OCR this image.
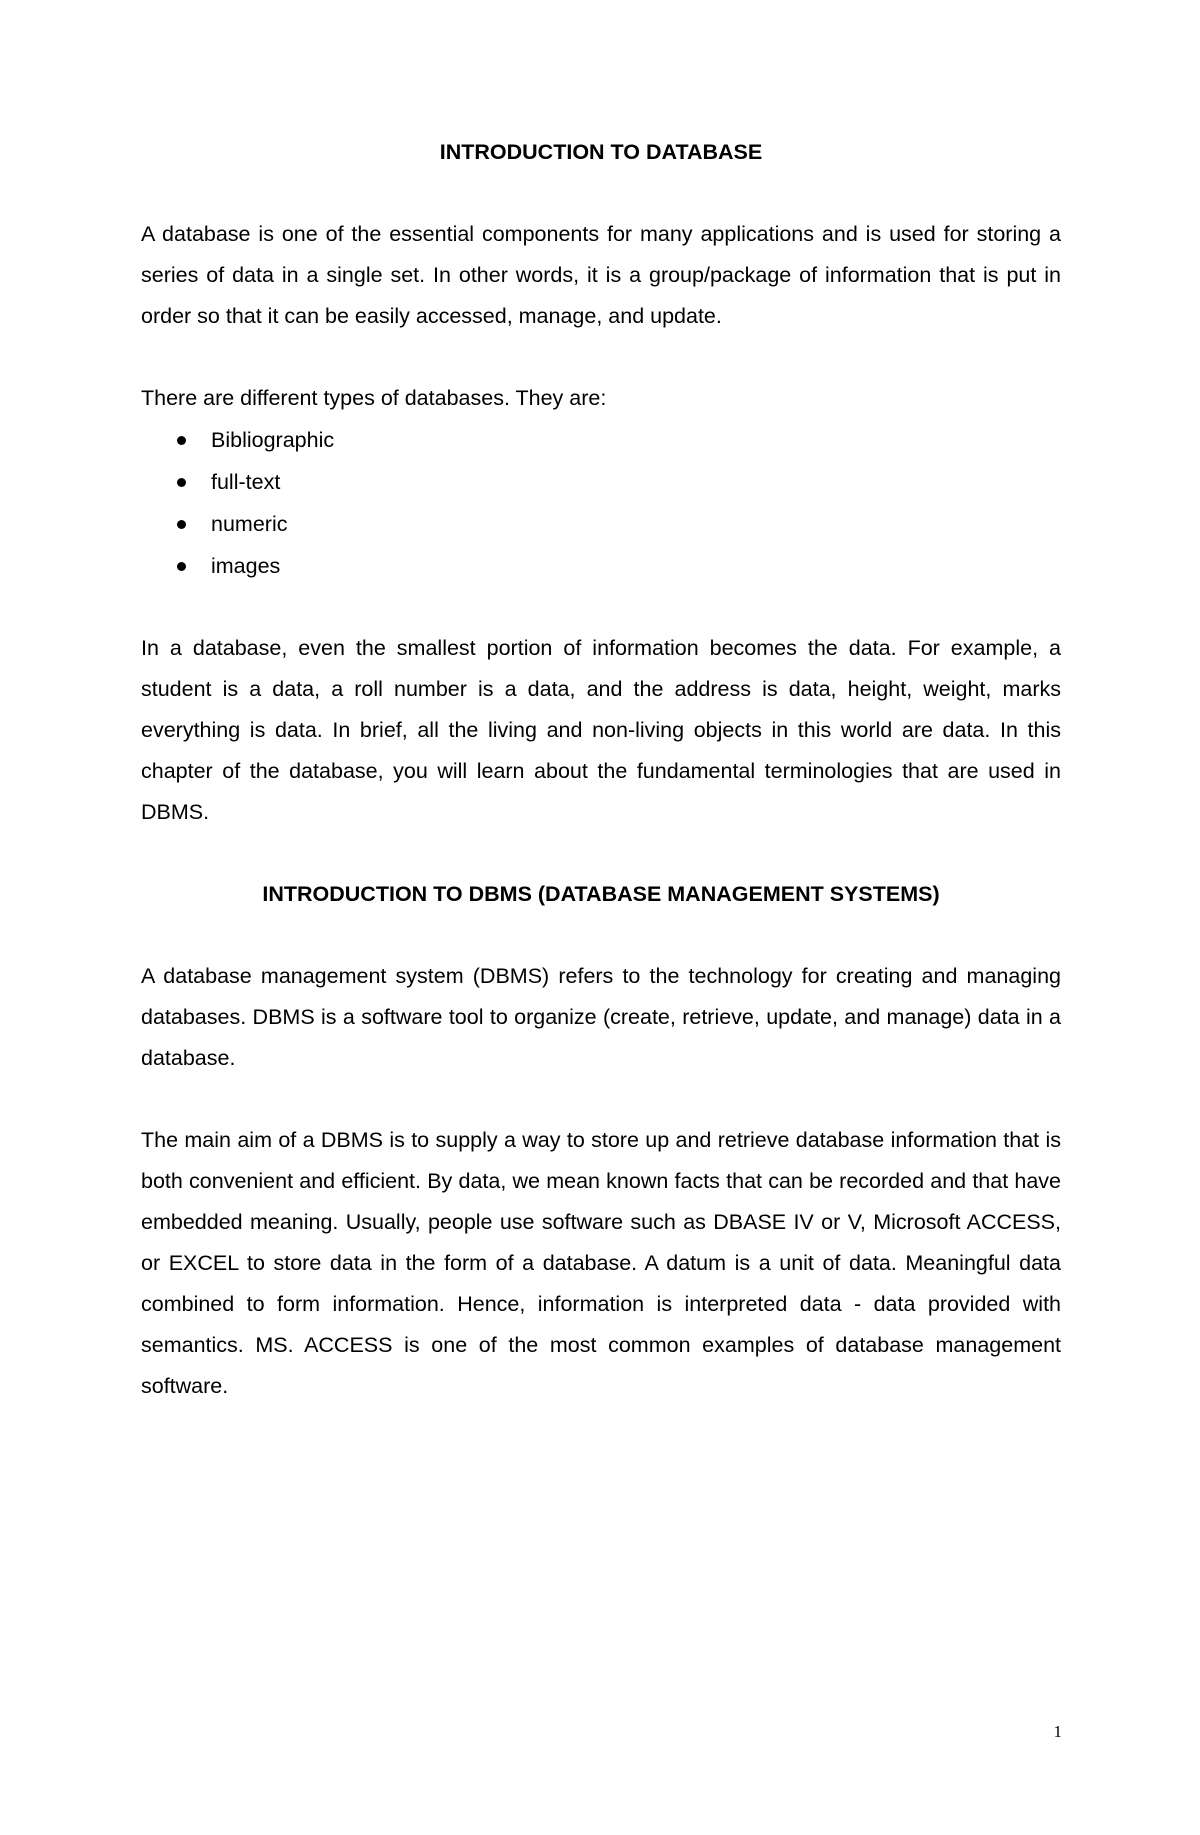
INTRODUCTION TO DATABASE

A database is one of the essential components for many applications and is used for storing a series of data in a single set. In other words, it is a group/package of information that is put in order so that it can be easily accessed, manage, and update.

There are different types of databases. They are:

Bibliographic
full-text
numeric
images

In a database, even the smallest portion of information becomes the data. For example, a student is a data, a roll number is a data, and the address is data, height, weight, marks everything is data. In brief, all the living and non-living objects in this world are data. In this chapter of the database, you will learn about the fundamental terminologies that are used in DBMS.

INTRODUCTION TO DBMS (DATABASE MANAGEMENT SYSTEMS)

A database management system (DBMS) refers to the technology for creating and managing databases. DBMS is a software tool to organize (create, retrieve, update, and manage) data in a database.

The main aim of a DBMS is to supply a way to store up and retrieve database information that is both convenient and efficient. By data, we mean known facts that can be recorded and that have embedded meaning. Usually, people use software such as DBASE IV or V, Microsoft ACCESS, or EXCEL to store data in the form of a database. A datum is a unit of data. Meaningful data combined to form information. Hence, information is interpreted data - data provided with semantics. MS. ACCESS is one of the most common examples of database management software.

1
